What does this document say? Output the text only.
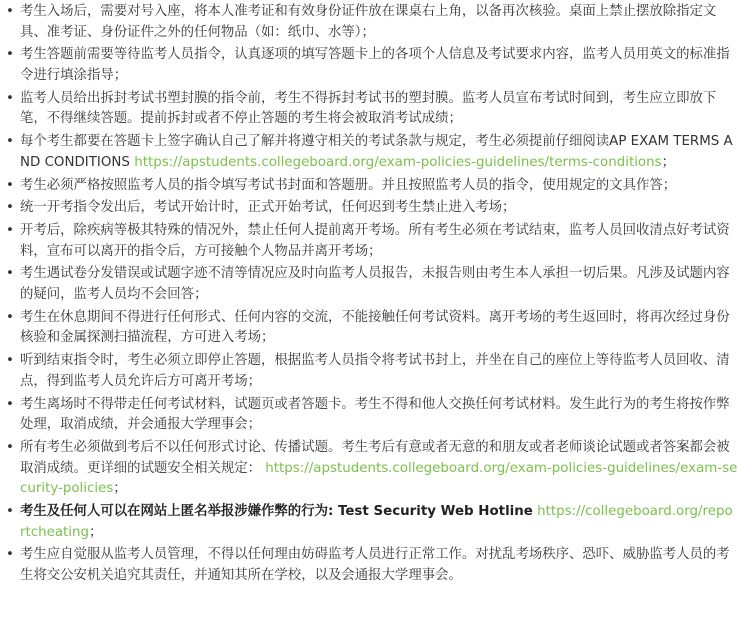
• 考生入场后，需要对号入座，将本人准考证和有效身份证件放在课桌右上角，以备再次核验。桌面上禁止摆放除指定文具、准考证、身份证件之外的任何物品（如：纸巾、水等）；
• 考生答题前需要等待监考人员指令，认真逐项的填写答题卡上的各项个人信息及考试要求内容，监考人员用英文的标准指令进行填涂指导；
• 监考人员给出拆封考试书塑封膜的指令前，考生不得拆封考试书的塑封膜。监考人员宣布考试时间到，考生应立即放下笔，不得继续答题。提前拆封或者不停止答题的考生将会被取消考试成绩；
• 每个考生都要在答题卡上签字确认自己了解并将遵守相关的考试条款与规定，考生必须提前仔细阅读AP EXAM TERMS AND CONDITIONS https://apstudents.collegeboard.org/exam-policies-guidelines/terms-conditions；
• 考生必须严格按照监考人员的指令填写考试书封面和答题册。并且按照监考人员的指令，使用规定的文具作答；
• 统一开考指令发出后，考试开始计时，正式开始考试，任何迟到考生禁止进入考场；
• 开考后，除疾病等极其特殊的情况外，禁止任何人提前离开考场。所有考生必须在考试结束，监考人员回收清点好考试资料，宣布可以离开的指令后，方可接触个人物品并离开考场；
• 考生遇试卷分发错误或试题字迹不清等情况应及时向监考人员报告，未报告则由考生本人承担一切后果。凡涉及试题内容的疑问，监考人员均不会回答；
• 考生在休息期间不得进行任何形式、任何内容的交流，不能接触任何考试资料。离开考场的考生返回时，将再次经过身份核验和金属探测扫描流程，方可进入考场；
• 听到结束指令时，考生必须立即停止答题，根据监考人员指令将考试书封上，并坐在自己的座位上等待监考人员回收、清点，得到监考人员允许后方可离开考场；
• 考生离场时不得带走任何考试材料，试题页或者答题卡。考生不得和他人交换任何考试材料。发生此行为的考生将按作弊处理，取消成绩，并会通报大学理事会；
• 所有考生必须做到考后不以任何形式讨论、传播试题。考生考后有意或者无意的和朋友或者老师谈论试题或者答案都会被取消成绩。更详细的试题安全相关规定： https://apstudents.collegeboard.org/exam-policies-guidelines/exam-security-policies；
• 考生及任何人可以在网站上匿名举报涉嫌作弊的行为: Test Security Web Hotline https://collegeboard.org/reportcheating；
• 考生应自觉服从监考人员管理，不得以任何理由妨碍监考人员进行正常工作。对扰乱考场秩序、恐吓、威胁监考人员的考生将交公安机关追究其责任，并通知其所在学校，以及会通报大学理事会。
